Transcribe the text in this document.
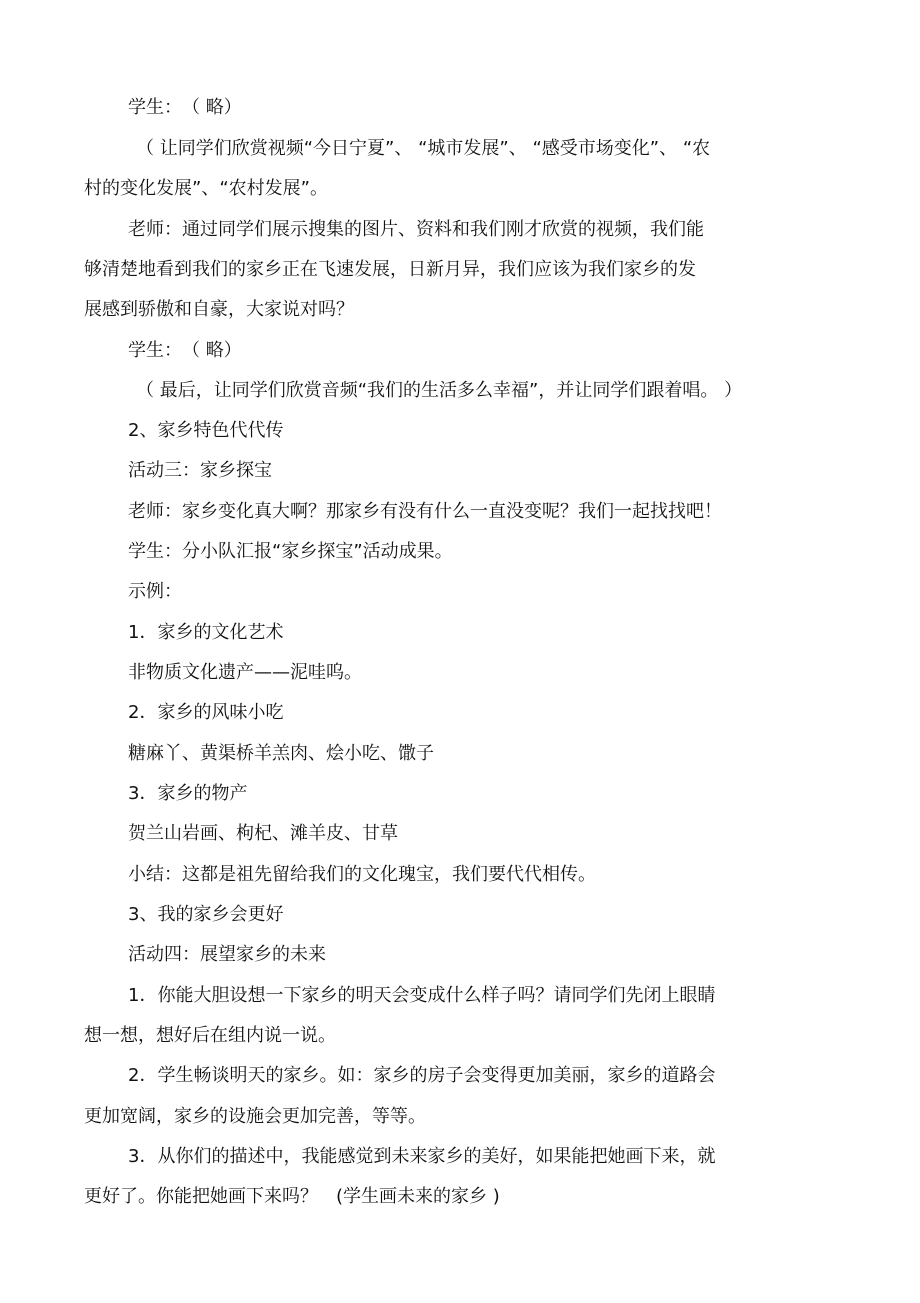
学生：　（ 略）
（ 让同学们欣赏视频“今日宁夏”、 “城市发展”、 “感受市场变化”、 “农
村的变化发展”、“农村发展”。
老师：通过同学们展示搜集的图片、资料和我们刚才欣赏的视频，我们能
够清楚地看到我们的家乡正在飞速发展，日新月异，我们应该为我们家乡的发
展感到骄傲和自豪，大家说对吗？
学生：　（ 略）
（ 最后，让同学们欣赏音频“我们的生活多么幸福”，并让同学们跟着唱。 ）
2、家乡特色代代传
活动三：家乡探宝
老师：家乡变化真大啊？那家乡有没有什么一直没变呢？我们一起找找吧！
学生：分小队汇报“家乡探宝”活动成果。
示例：
1．家乡的文化艺术
非物质文化遗产——泥哇呜。
2．家乡的风味小吃
糖麻丫、黄渠桥羊羔肉、烩小吃、馓子
3．家乡的物产
贺兰山岩画、枸杞、滩羊皮、甘草
小结：这都是祖先留给我们的文化瑰宝，我们要代代相传。
3、我的家乡会更好
活动四：展望家乡的未来
1．你能大胆设想一下家乡的明天会变成什么样子吗？请同学们先闭上眼睛
想一想，想好后在组内说一说。
2．学生畅谈明天的家乡。如：家乡的房子会变得更加美丽，家乡的道路会
更加宽阔，家乡的设施会更加完善，等等。
3．从你们的描述中，我能感觉到未来家乡的美好，如果能把她画下来，就
更好了。你能把她画下来吗？　(学生画未来的家乡 )
